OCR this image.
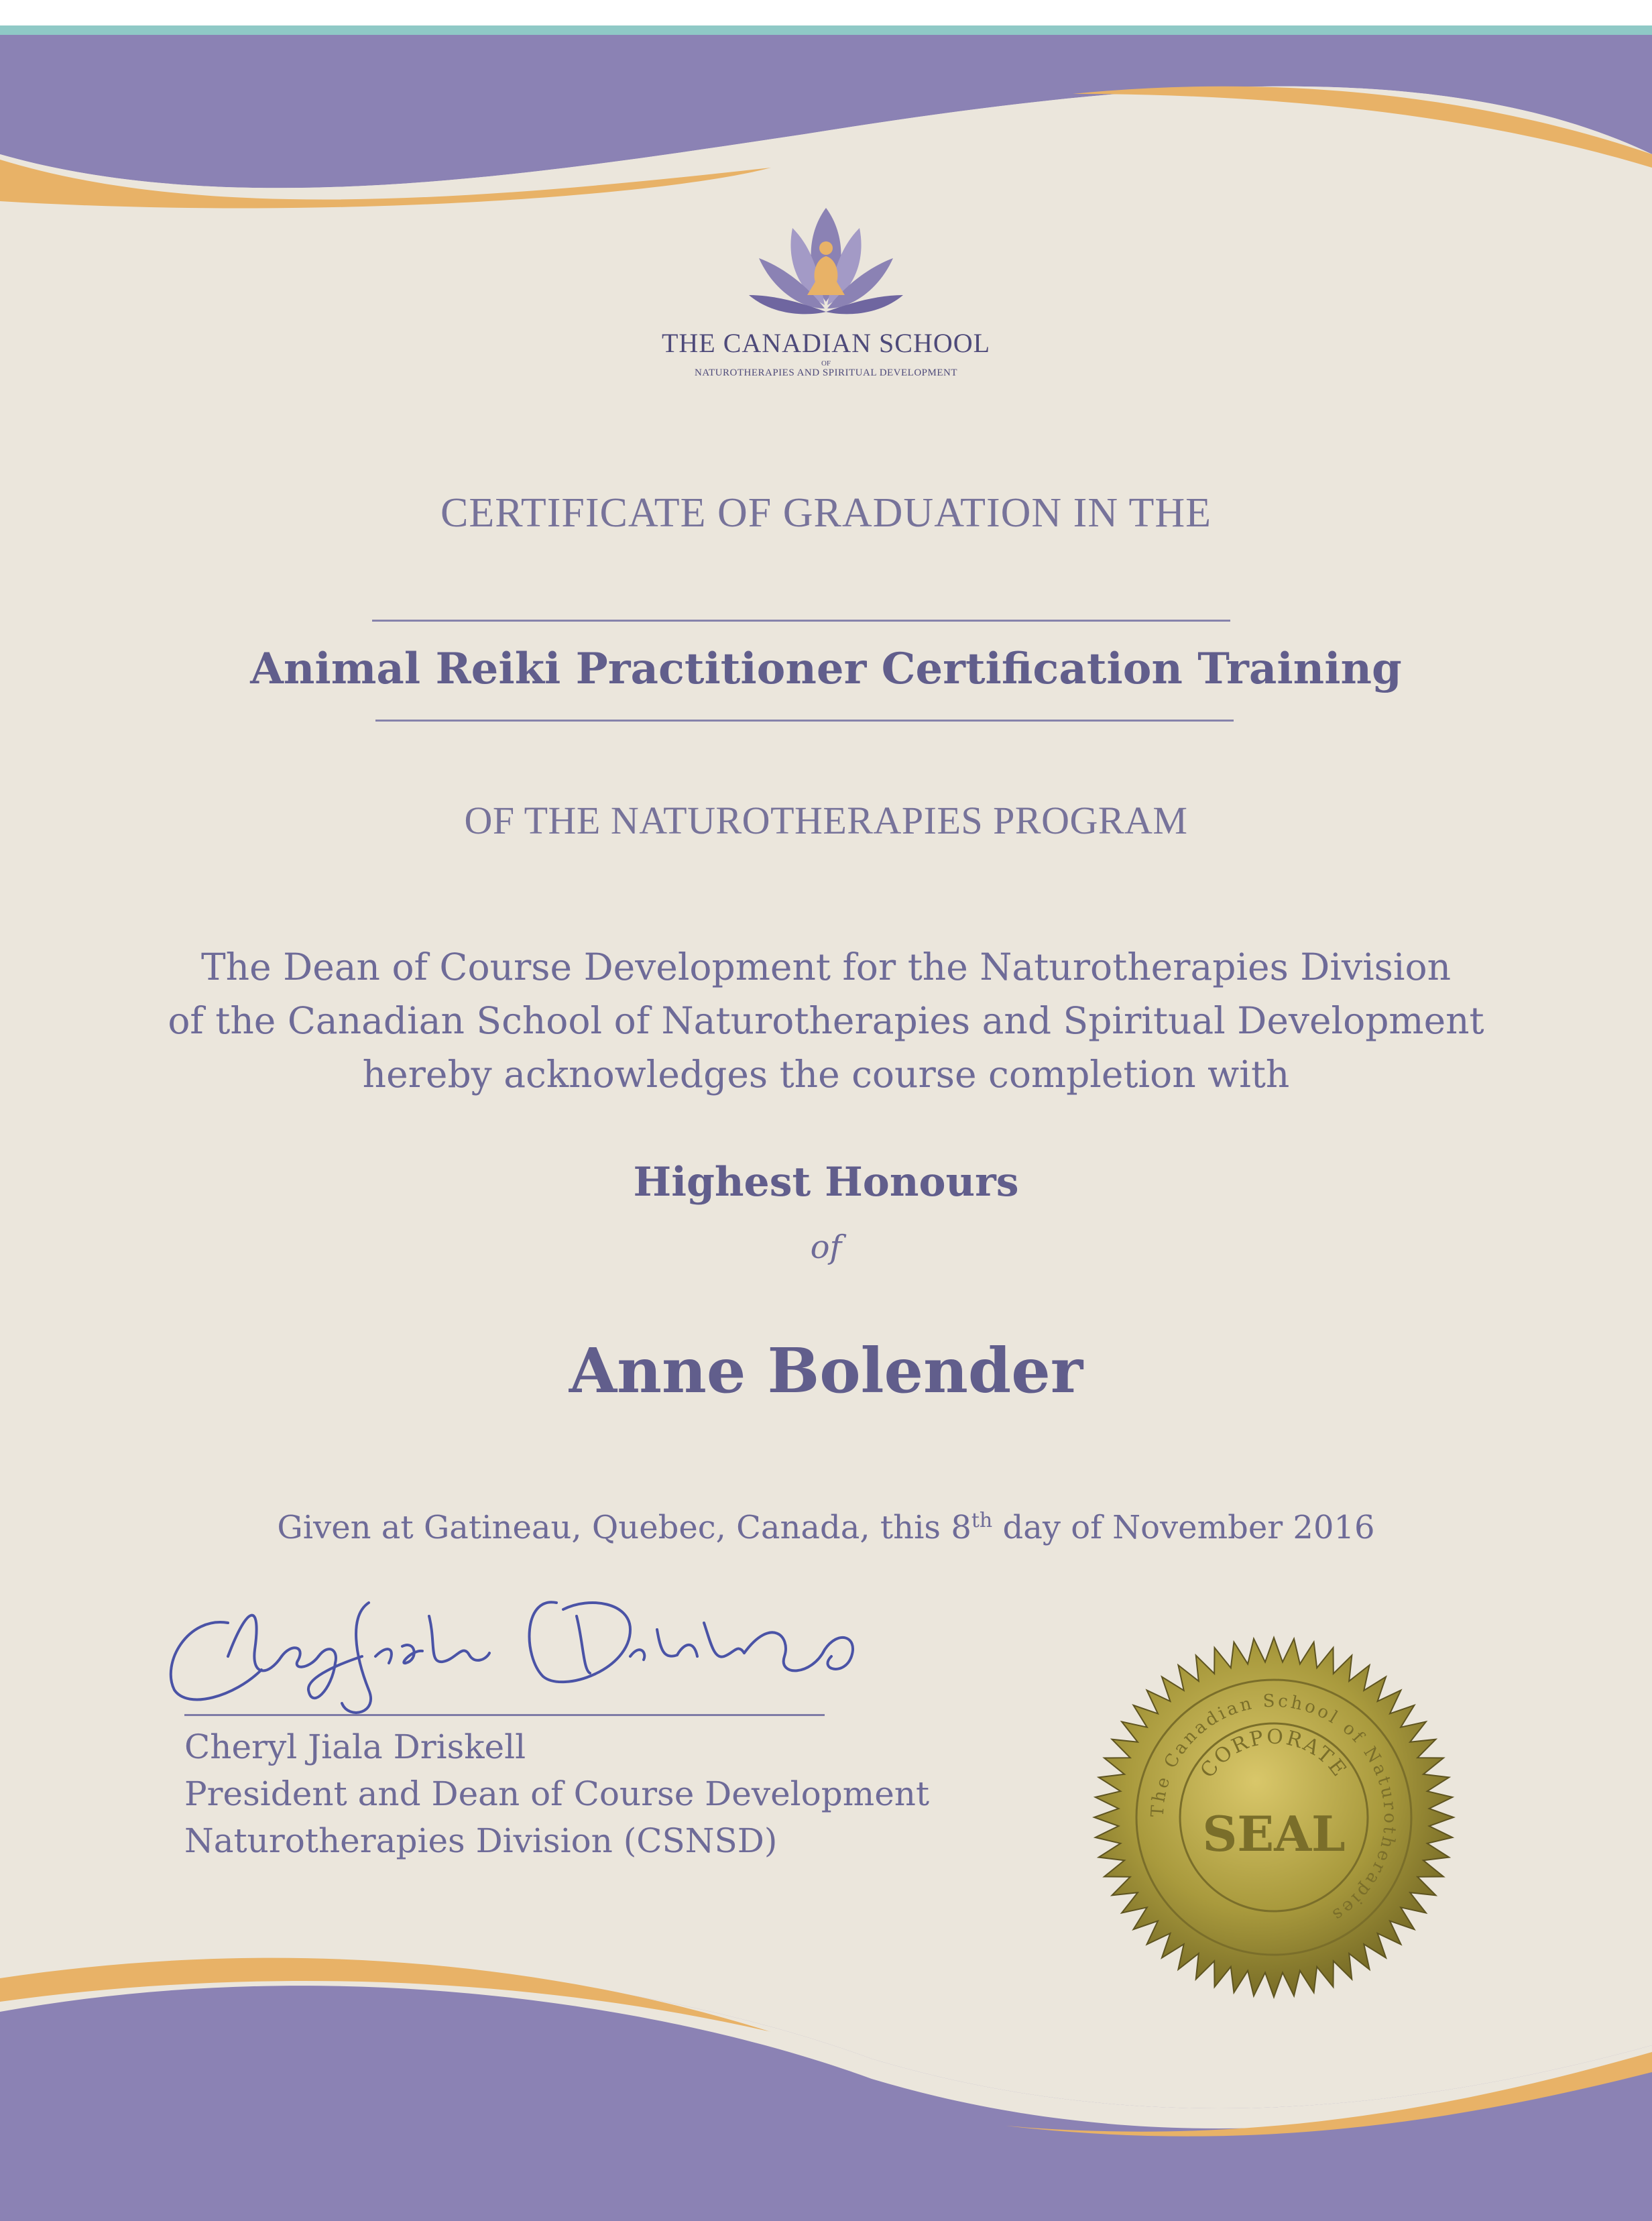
THE CANADIAN SCHOOL
OF
NATUROTHERAPIES AND SPIRITUAL DEVELOPMENT
CERTIFICATE OF GRADUATION IN THE
Animal Reiki Practitioner Certification Training
OF THE NATUROTHERAPIES PROGRAM
The Dean of Course Development for the Naturotherapies Division
of the Canadian School of Naturotherapies and Spiritual Development
hereby acknowledges the course completion with
Highest Honours
of
Anne Bolender
Given at Gatineau, Quebec, Canada, this 8th day of November 2016
Cheryl Jiala Driskell
President and Dean of Course Development
Naturotherapies Division (CSNSD)
The Canadian School of Naturotherapies
CORPORATE
SEAL
